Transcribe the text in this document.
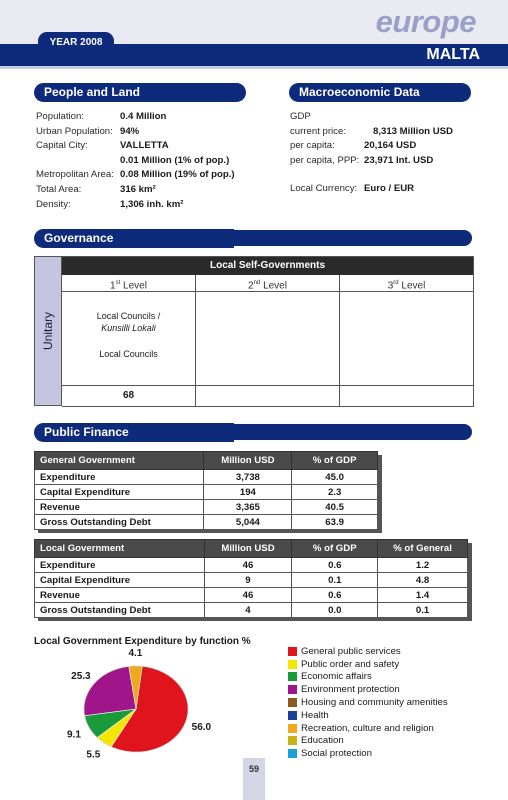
europe
YEAR 2008
MALTA
People and Land
Population:	0.4 Million
Urban Population: 94%
Capital City:	VALLETTA
0.01 Million (1% of pop.)
Metropolitan Area: 0.08 Million (19% of pop.)
Total Area:	316 km²
Density:	1,306 inh. km²
Macroeconomic Data
GDP
current price:	8,313 Million USD
per capita:	20,164 USD
per capita, PPP: 23,971 Int. USD
Local Currency: Euro / EUR
Governance
Unitary
Local Self-Governments
1st Level	2nd Level	3rd Level
Local Councils /
Kunsilli Lokali
Local Councils
68
Public Finance
General Government	Million USD	% of GDP
Expenditure	3,738	45.0
Capital Expenditure	194	2.3
Revenue	3,365	40.5
Gross Outstanding Debt	5,044	63.9
Local Government	Million USD	% of GDP	% of General
Expenditure	46	0.6	1.2
Capital Expenditure	9	0.1	4.8
Revenue	46	0.6	1.4
Gross Outstanding Debt	4	0.0	0.1
Local Government Expenditure by function %
56.0
5.5
9.1
25.3
4.1	General public services
Public order and safety
Economic affairs
Environment protection
Housing and community amenities
Health
Recreation, culture and religion
Education
Social protection
59
